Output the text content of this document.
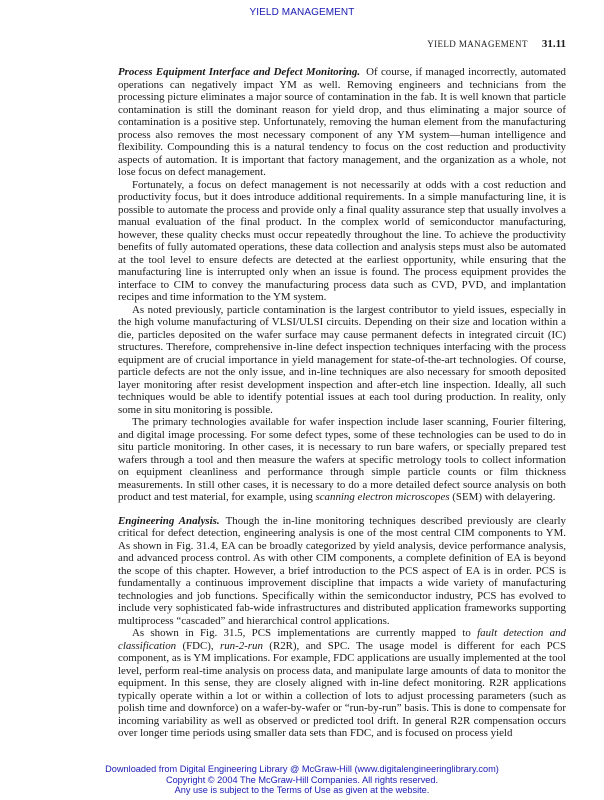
YIELD MANAGEMENT
YIELD MANAGEMENT 31.11

Process Equipment Interface and Defect Monitoring. Of course, if managed incorrectly, automated operations can negatively impact YM as well. Removing engineers and technicians from the processing picture eliminates a major source of contamination in the fab. It is well known that particle contamination is still the dominant reason for yield drop, and thus eliminating a major source of contamination is a positive step. Unfortunately, removing the human element from the manufacturing process also removes the most necessary component of any YM system—human intelligence and flexibility. Compounding this is a natural tendency to focus on the cost reduction and productivity aspects of automation. It is important that factory management, and the organization as a whole, not lose focus on defect management.

Fortunately, a focus on defect management is not necessarily at odds with a cost reduction and productivity focus, but it does introduce additional requirements. In a simple manufacturing line, it is possible to automate the process and provide only a final quality assurance step that usually involves a manual evaluation of the final product. In the complex world of semiconductor manufacturing, however, these quality checks must occur repeatedly throughout the line. To achieve the productivity benefits of fully automated operations, these data collection and analysis steps must also be automated at the tool level to ensure defects are detected at the earliest opportunity, while ensuring that the manufacturing line is interrupted only when an issue is found. The process equipment provides the interface to CIM to convey the manufacturing process data such as CVD, PVD, and implantation recipes and time information to the YM system.

As noted previously, particle contamination is the largest contributor to yield issues, especially in the high volume manufacturing of VLSI/ULSI circuits. Depending on their size and location within a die, particles deposited on the wafer surface may cause permanent defects in integrated circuit (IC) structures. Therefore, comprehensive in-line defect inspection techniques interfacing with the process equipment are of crucial importance in yield management for state-of-the-art technologies. Of course, particle defects are not the only issue, and in-line techniques are also necessary for smooth deposited layer monitoring after resist development inspection and after-etch line inspection. Ideally, all such techniques would be able to identify potential issues at each tool during production. In reality, only some in situ monitoring is possible.

The primary technologies available for wafer inspection include laser scanning, Fourier filtering, and digital image processing. For some defect types, some of these technologies can be used to do in situ particle monitoring. In other cases, it is necessary to run bare wafers, or specially prepared test wafers through a tool and then measure the wafers at specific metrology tools to collect information on equipment cleanliness and performance through simple particle counts or film thickness measurements. In still other cases, it is necessary to do a more detailed defect source analysis on both product and test material, for example, using scanning electron microscopes (SEM) with delayering.

Engineering Analysis. Though the in-line monitoring techniques described previously are clearly critical for defect detection, engineering analysis is one of the most central CIM components to YM. As shown in Fig. 31.4, EA can be broadly categorized by yield analysis, device performance analysis, and advanced process control. As with other CIM components, a complete definition of EA is beyond the scope of this chapter. However, a brief introduction to the PCS aspect of EA is in order. PCS is fundamentally a continuous improvement discipline that impacts a wide variety of manufacturing technologies and job functions. Specifically within the semiconductor industry, PCS has evolved to include very sophisticated fab-wide infrastructures and distributed application frameworks supporting multiprocess “cascaded” and hierarchical control applications.

As shown in Fig. 31.5, PCS implementations are currently mapped to fault detection and classification (FDC), run-2-run (R2R), and SPC. The usage model is different for each PCS component, as is YM implications. For example, FDC applications are usually implemented at the tool level, perform real-time analysis on process data, and manipulate large amounts of data to monitor the equipment. In this sense, they are closely aligned with in-line defect monitoring. R2R applications typically operate within a lot or within a collection of lots to adjust processing parameters (such as polish time and downforce) on a wafer-by-wafer or “run-by-run” basis. This is done to compensate for incoming variability as well as observed or predicted tool drift. In general R2R compensation occurs over longer time periods using smaller data sets than FDC, and is focused on process yield

Downloaded from Digital Engineering Library @ McGraw-Hill (www.digitalengineeringlibrary.com)
Copyright © 2004 The McGraw-Hill Companies. All rights reserved.
Any use is subject to the Terms of Use as given at the website.
